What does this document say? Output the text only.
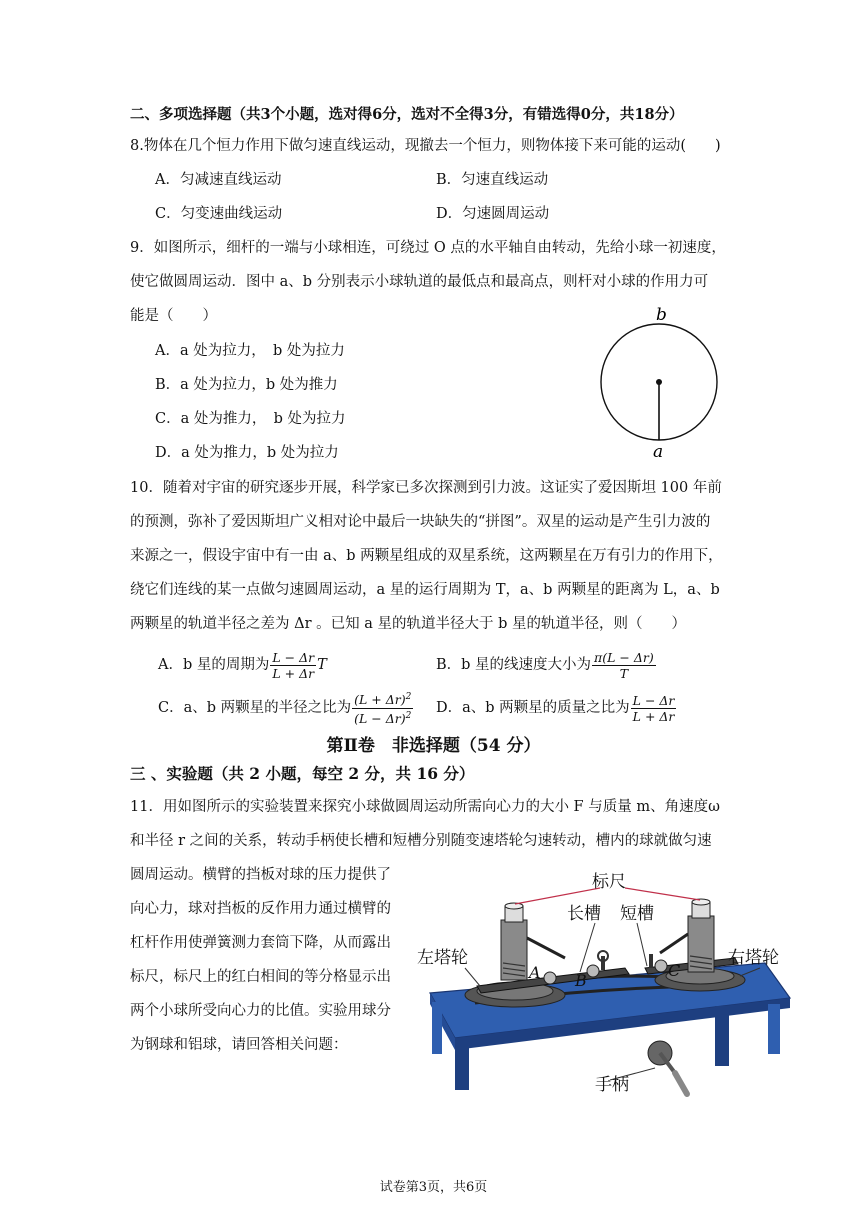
二、多项选择题（共3个小题，选对得6分，选对不全得3分，有错选得0分，共18分）
8.物体在几个恒力作用下做匀速直线运动，现撤去一个恒力，则物体接下来可能的运动(　　)
A．匀减速直线运动	B．匀速直线运动
C．匀变速曲线运动	D．匀速圆周运动
9．如图所示，细杆的一端与小球相连，可绕过 O 点的水平轴自由转动，先给小球一初速度，
使它做圆周运动．图中 a、b 分别表示小球轨道的最低点和最高点，则杆对小球的作用力可
能是（　　）
A．a 处为拉力，　b 处为拉力
B．a 处为拉力，b 处为推力
C．a 处为推力，　b 处为拉力
D．a 处为推力，b 处为拉力
b
a
10．随着对宇宙的研究逐步开展，科学家已多次探测到引力波。这证实了爱因斯坦 100 年前
的预测，弥补了爱因斯坦广义相对论中最后一块缺失的“拼图”。双星的运动是产生引力波的
来源之一，假设宇宙中有一由 a、b 两颗星组成的双星系统，这两颗星在万有引力的作用下，
绕它们连线的某一点做匀速圆周运动，a 星的运行周期为 T，a、b 两颗星的距离为 L，a、b
两颗星的轨道半径之差为 Δr 。已知 a 星的轨道半径大于 b 星的轨道半径，则（　　）
A．b 星的周期为 $\frac{L - \Delta r}{L + \Delta r}$ T	B．b 星的线速度大小为 $\frac{\pi(L - \Delta r)}{T}$
C．a、b 两颗星的半径之比为 $\frac{(L + \Delta r)^2}{(L - \Delta r)^2}$ D．a、b 两颗星的质量之比为 $\frac{L - \Delta r}{L + \Delta r}$
第Ⅱ卷　非选择题（54 分）
三 、实验题（共 2 小题，每空 2 分，共 16 分）
11．用如图所示的实验装置来探究小球做圆周运动所需向心力的大小 F 与质量 m、角速度ω
和半径 r 之间的关系，转动手柄使长槽和短槽分别随变速塔轮匀速转动，槽内的球就做匀速
圆周运动。横臂的挡板对球的压力提供了
向心力，球对挡板的反作用力通过横臂的
杠杆作用使弹簧测力套筒下降，从而露出
标尺，标尺上的红白相间的等分格显示出
两个小球所受向心力的比值。实验用球分
为钢球和铝球，请回答相关问题：
标尺
长槽 短槽
左塔轮	右塔轮
手柄
A B
C
试卷第3页，共6页
